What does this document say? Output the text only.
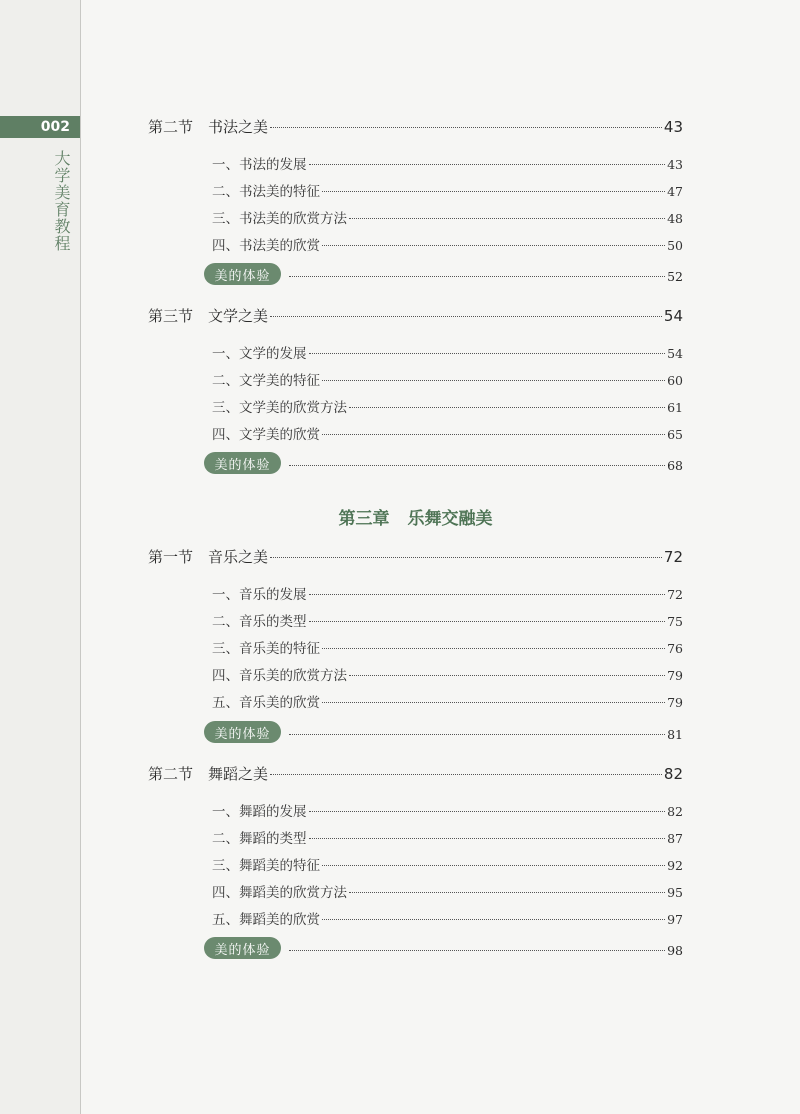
002
大学美育教程
第二节 书法之美	43
一、书法的发展	43
二、书法美的特征	47
三、书法美的欣赏方法	48
四、书法美的欣赏	50
美的体验	52
第三节 文学之美	54
一、文学的发展	54
二、文学美的特征	60
三、文学美的欣赏方法	61
四、文学美的欣赏	65
美的体验	68
第三章 乐舞交融美
第一节 音乐之美	72
一、音乐的发展	72
二、音乐的类型	75
三、音乐美的特征	76
四、音乐美的欣赏方法	79
五、音乐美的欣赏	79
美的体验	81
第二节 舞蹈之美	82
一、舞蹈的发展	82
二、舞蹈的类型	87
三、舞蹈美的特征	92
四、舞蹈美的欣赏方法	95
五、舞蹈美的欣赏	97
美的体验	98
